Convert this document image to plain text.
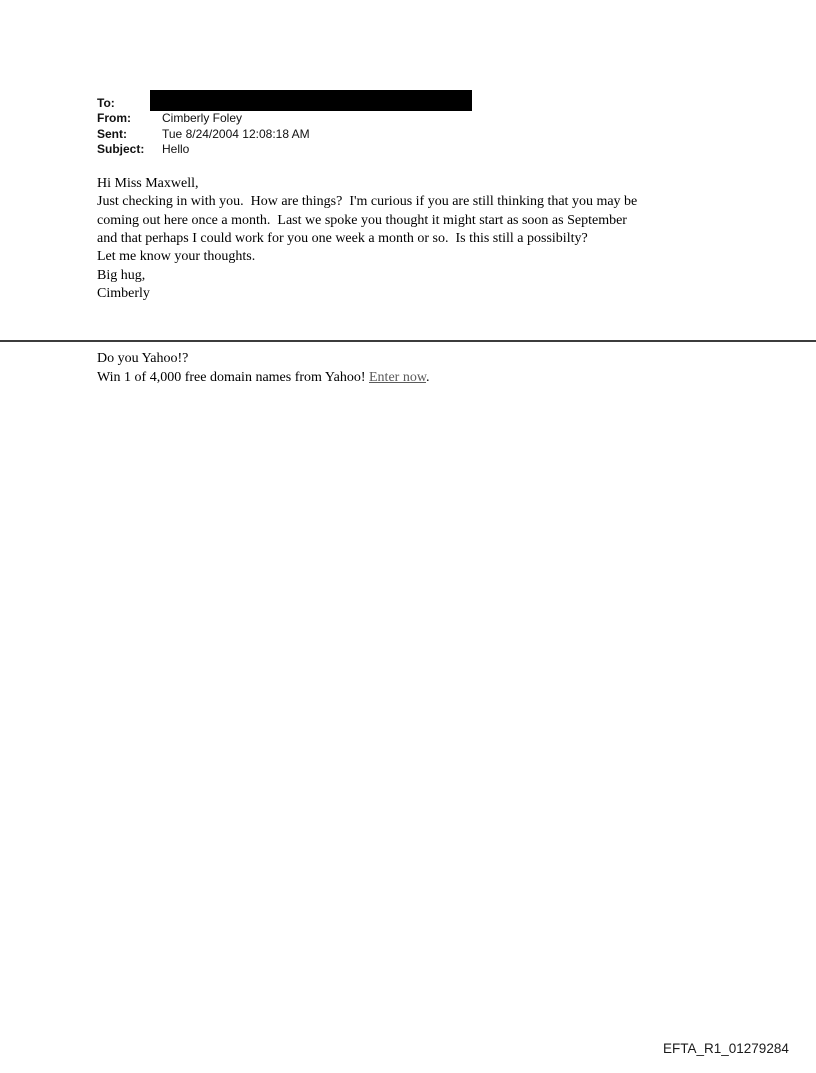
To:
From:	Cimberly Foley
Sent:	Tue 8/24/2004 12:08:18 AM
Subject:	Hello
Hi Miss Maxwell,
Just checking in with you.  How are things?  I'm curious if you are still thinking that you may be
coming out here once a month.  Last we spoke you thought it might start as soon as September
and that perhaps I could work for you one week a month or so.  Is this still a possibilty?
Let me know your thoughts.
Big hug,
Cimberly
Do you Yahoo!?
Win 1 of 4,000 free domain names from Yahoo! Enter now.
EFTA_R1_01279284
